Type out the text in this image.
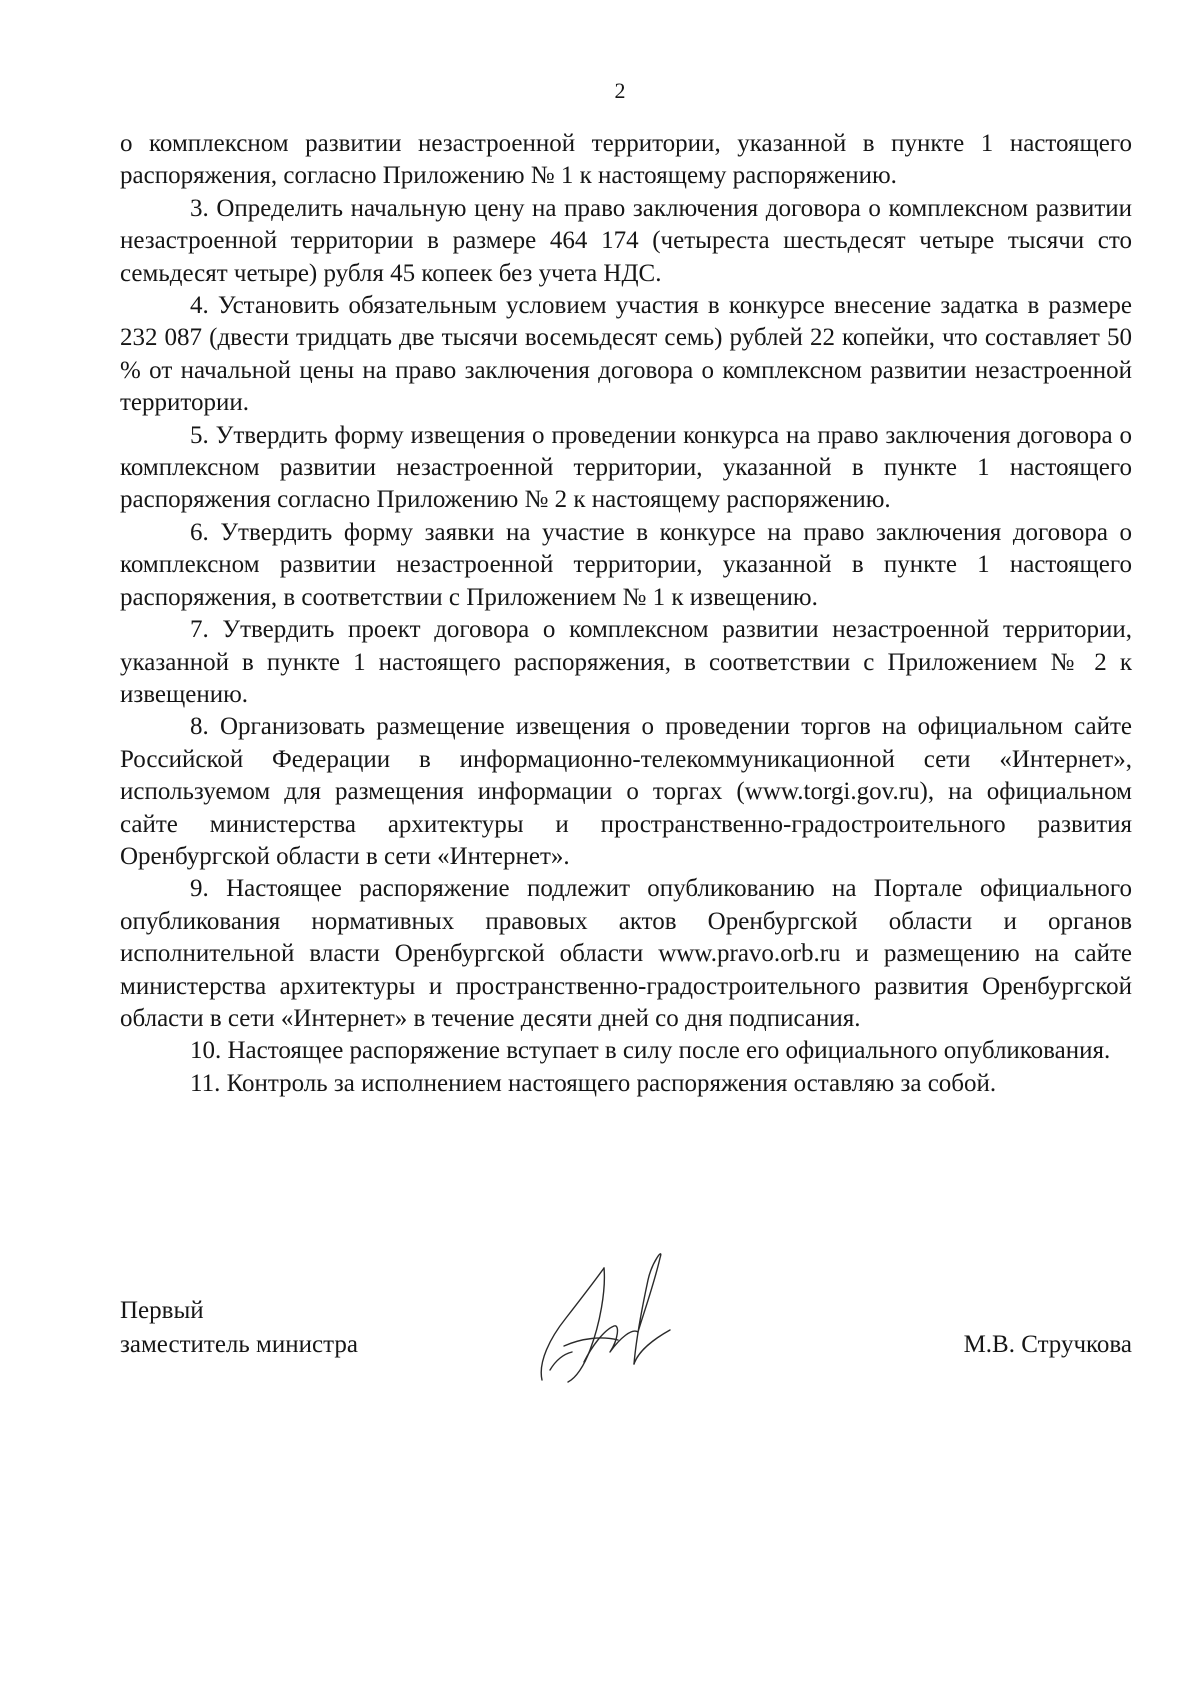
2

о комплексном развитии незастроенной территории, указанной в пункте 1 настоящего распоряжения, согласно Приложению № 1 к настоящему распоряжению.

3. Определить начальную цену на право заключения договора о комплексном развитии незастроенной территории в размере 464 174 (четыреста шестьдесят четыре тысячи сто семьдесят четыре) рубля 45 копеек без учета НДС.

4. Установить обязательным условием участия в конкурсе внесение задатка в размере 232 087 (двести тридцать две тысячи восемьдесят семь) рублей 22 копейки, что составляет 50 % от начальной цены на право заключения договора о комплексном развитии незастроенной территории.

5. Утвердить форму извещения о проведении конкурса на право заключения договора о комплексном развитии незастроенной территории, указанной в пункте 1 настоящего распоряжения согласно Приложению № 2 к настоящему распоряжению.

6. Утвердить форму заявки на участие в конкурсе на право заключения договора о комплексном развитии незастроенной территории, указанной в пункте 1 настоящего распоряжения, в соответствии с Приложением № 1 к извещению.

7. Утвердить проект договора о комплексном развитии незастроенной территории, указанной в пункте 1 настоящего распоряжения, в соответствии с Приложением № 2 к извещению.

8. Организовать размещение извещения о проведении торгов на официальном сайте Российской Федерации в информационно-телекоммуникационной сети «Интернет», используемом для размещения информации о торгах (www.torgi.gov.ru), на официальном сайте министерства архитектуры и пространственно-градостроительного развития Оренбургской области в сети «Интернет».

9. Настоящее распоряжение подлежит опубликованию на Портале официального опубликования нормативных правовых актов Оренбургской области и органов исполнительной власти Оренбургской области www.pravo.orb.ru и размещению на сайте министерства архитектуры и пространственно-градостроительного развития Оренбургской области в сети «Интернет» в течение десяти дней со дня подписания.

10. Настоящее распоряжение вступает в силу после его официального опубликования.

11. Контроль за исполнением настоящего распоряжения оставляю за собой.

Первый
заместитель министра	М.В. Стручкова
